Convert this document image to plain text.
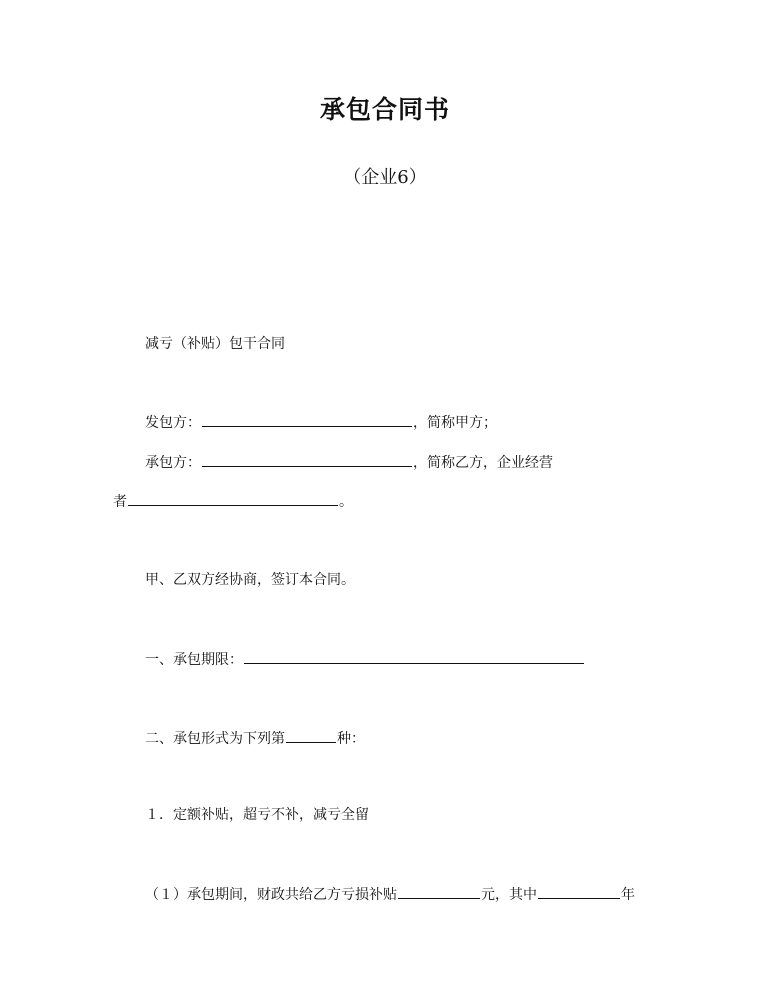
承包合同书
（企业6）
减亏（补贴）包干合同
发包方：	，简称甲方；
承包方：	，简称乙方，企业经营
者	。
甲、乙双方经协商，签订本合同。
一、承包期限：
二、承包形式为下列第	种：
１．定额补贴，超亏不补，减亏全留
（１）承包期间，财政共给乙方亏损补贴	元，其中	年
